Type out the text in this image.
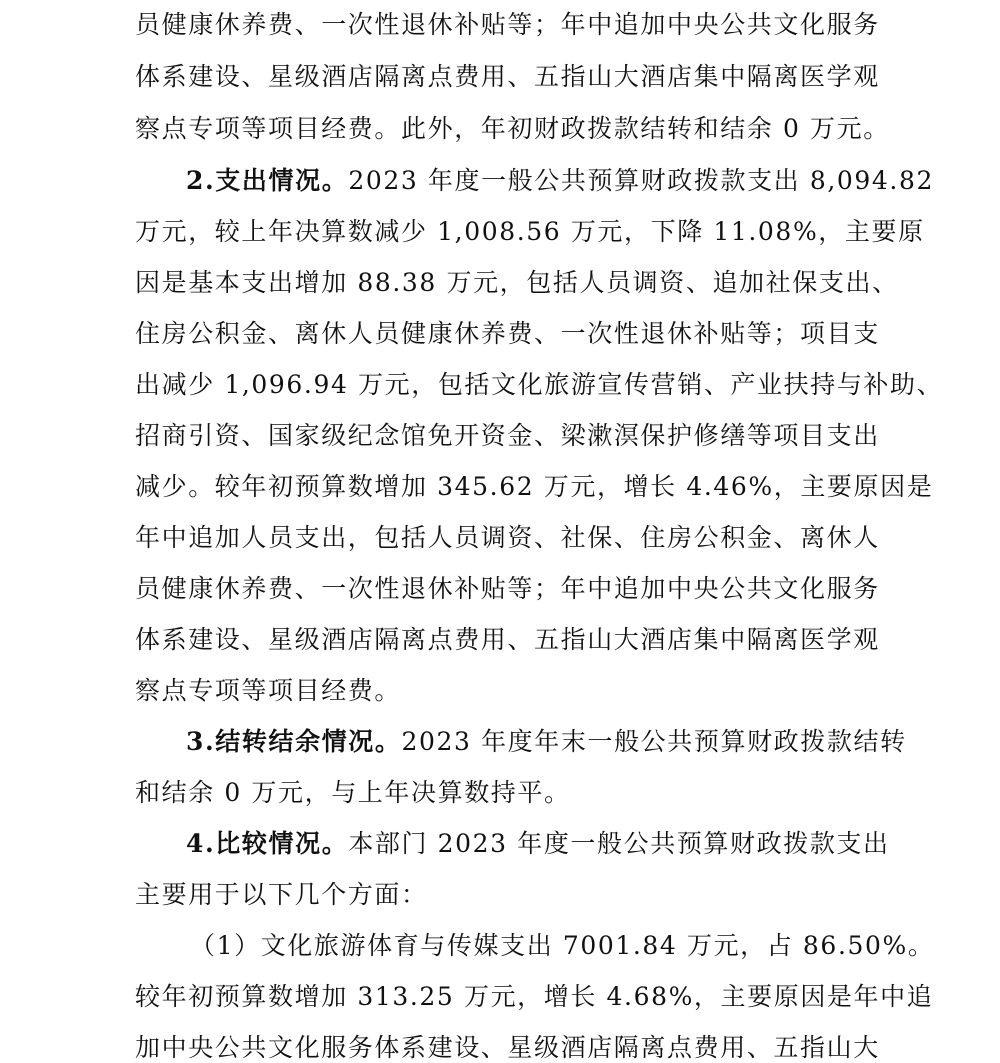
员健康休养费、一次性退休补贴等；年中追加中央公共文化服务
体系建设、星级酒店隔离点费用、五指山大酒店集中隔离医学观
察点专项等项目经费。此外，年初财政拨款结转和结余 0 万元。
2.支出情况。2023 年度一般公共预算财政拨款支出 8,094.82
万元，较上年决算数减少 1,008.56 万元，下降 11.08%，主要原
因是基本支出增加 88.38 万元，包括人员调资、追加社保支出、
住房公积金、离休人员健康休养费、一次性退休补贴等；项目支
出减少 1,096.94 万元，包括文化旅游宣传营销、产业扶持与补助、
招商引资、国家级纪念馆免开资金、梁漱溟保护修缮等项目支出
减少。较年初预算数增加 345.62 万元，增长 4.46%，主要原因是
年中追加人员支出，包括人员调资、社保、住房公积金、离休人
员健康休养费、一次性退休补贴等；年中追加中央公共文化服务
体系建设、星级酒店隔离点费用、五指山大酒店集中隔离医学观
察点专项等项目经费。
3.结转结余情况。2023 年度年末一般公共预算财政拨款结转
和结余 0 万元，与上年决算数持平。
4.比较情况。本部门 2023 年度一般公共预算财政拨款支出
主要用于以下几个方面：
（1）文化旅游体育与传媒支出 7001.84 万元，占 86.50%。
较年初预算数增加 313.25 万元，增长 4.68%，主要原因是年中追
加中央公共文化服务体系建设、星级酒店隔离点费用、五指山大
